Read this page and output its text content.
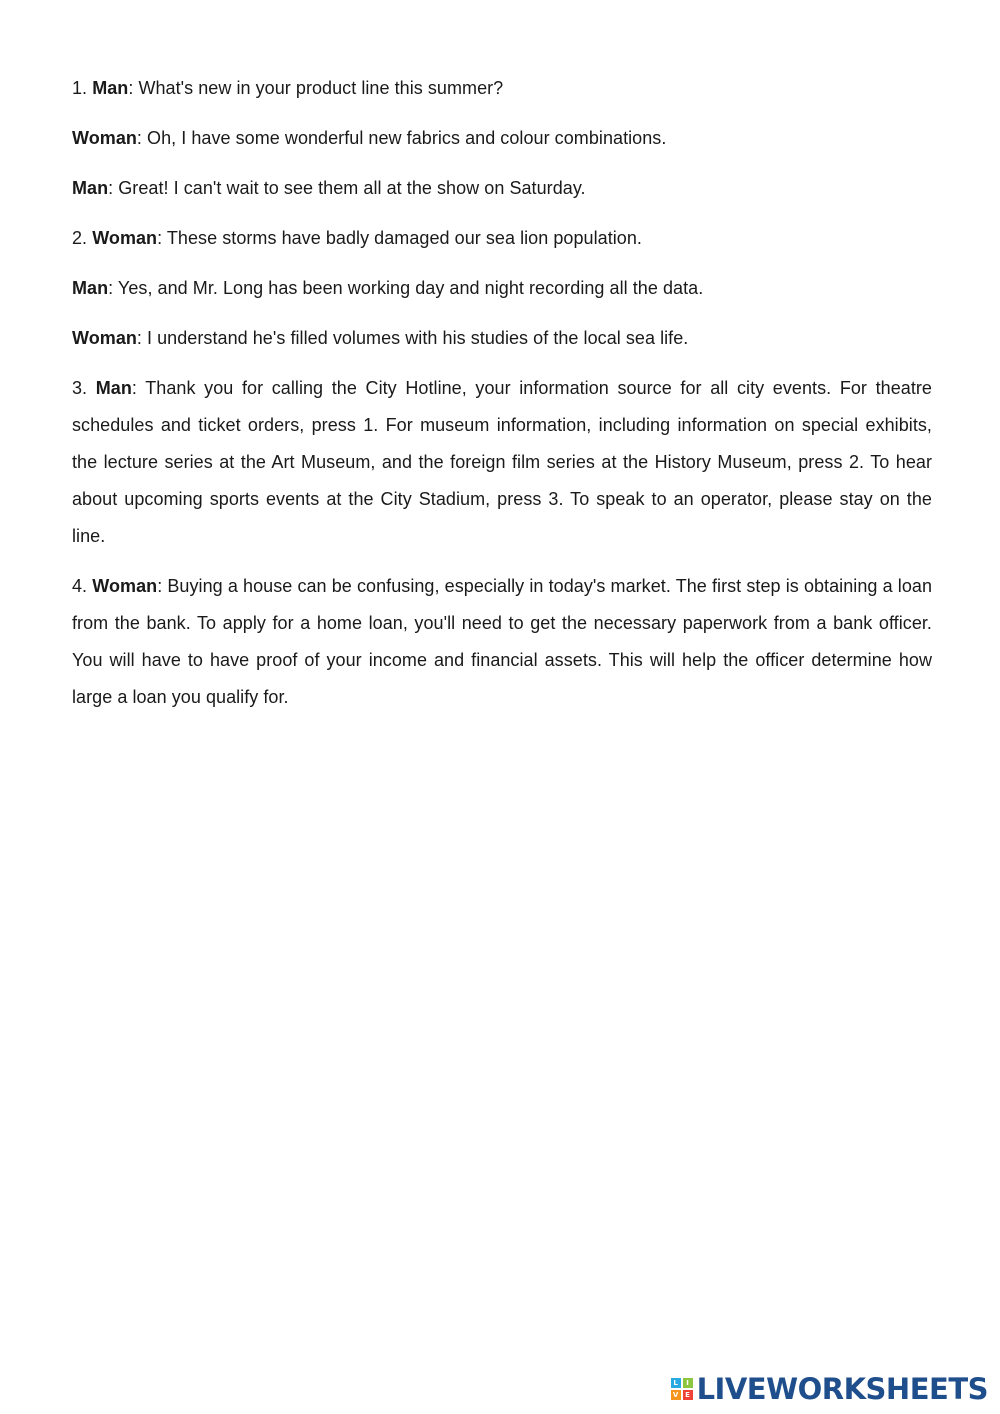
1. Man: What's new in your product line this summer?

Woman: Oh, I have some wonderful new fabrics and colour combinations.

Man: Great! I can't wait to see them all at the show on Saturday.

2. Woman: These storms have badly damaged our sea lion population.

Man: Yes, and Mr. Long has been working day and night recording all the data.

Woman: I understand he's filled volumes with his studies of the local sea life.

3. Man: Thank you for calling the City Hotline, your information source for all city events. For theatre schedules and ticket orders, press 1. For museum information, including information on special exhibits, the lecture series at the Art Museum, and the foreign film series at the History Museum, press 2. To hear about upcoming sports events at the City Stadium, press 3. To speak to an operator, please stay on the line.

4. Woman: Buying a house can be confusing, especially in today's market. The first step is obtaining a loan from the bank. To apply for a home loan, you'll need to get the necessary paperwork from a bank officer. You will have to have proof of your income and financial assets. This will help the officer determine how large a loan you qualify for.

L	I
V E LIVEWORKSHEETS
